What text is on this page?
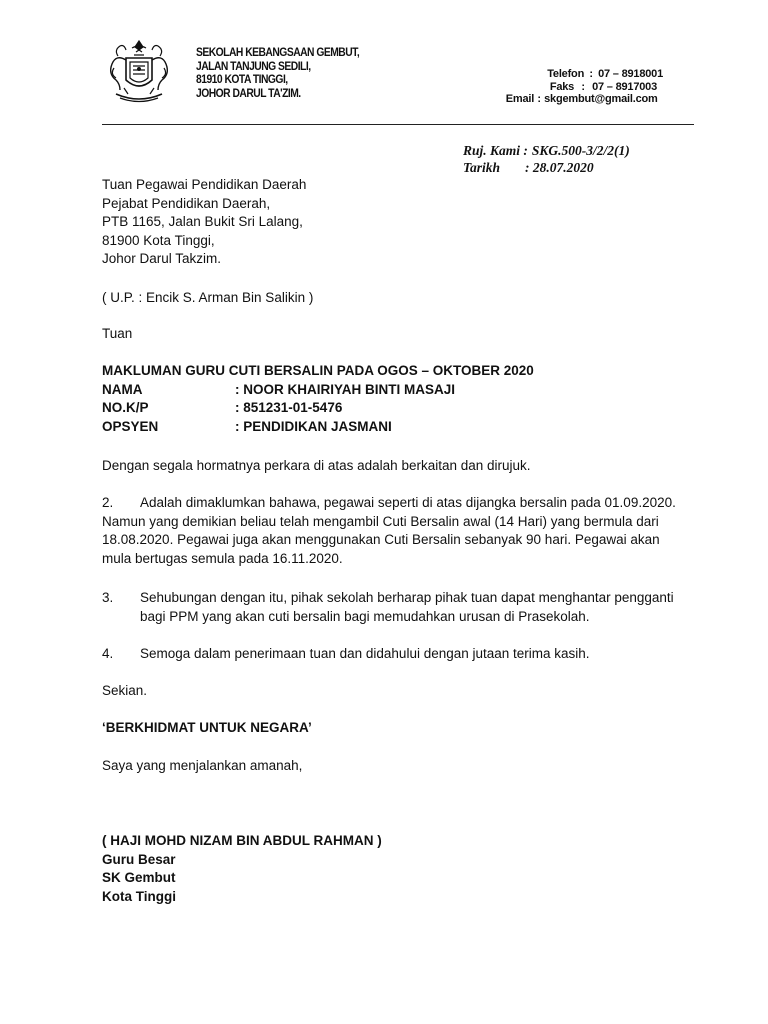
SEKOLAH KEBANGSAAN GEMBUT,
JALAN TANJUNG SEDILI,
81910 KOTA TINGGI,
JOHOR DARUL TA'ZIM.
Telefon : 07 – 8918001
Faks : 07 – 8917003
Email : skgembut@gmail.com
Ruj. Kami : SKG.500-3/2/2(1)
Tarikh	: 28.07.2020
Tuan Pegawai Pendidikan Daerah
Pejabat Pendidikan Daerah,
PTB 1165, Jalan Bukit Sri Lalang,
81900 Kota Tinggi,
Johor Darul Takzim.
( U.P. : Encik S. Arman Bin Salikin )
Tuan
MAKLUMAN GURU CUTI BERSALIN PADA OGOS – OKTOBER 2020
NAMA	: NOOR KHAIRIYAH BINTI MASAJI
NO.K/P	: 851231-01-5476
OPSYEN	: PENDIDIKAN JASMANI
Dengan segala hormatnya perkara di atas adalah berkaitan dan dirujuk.
2. Adalah dimaklumkan bahawa, pegawai seperti di atas dijangka bersalin pada 01.09.2020.
Namun yang demikian beliau telah mengambil Cuti Bersalin awal (14 Hari) yang bermula dari
18.08.2020. Pegawai juga akan menggunakan Cuti Bersalin sebanyak 90 hari. Pegawai akan
mula bertugas semula pada 16.11.2020.
3.	Sehubungan dengan itu, pihak sekolah berharap pihak tuan dapat menghantar pengganti
bagi PPM yang akan cuti bersalin bagi memudahkan urusan di Prasekolah.
4.	Semoga dalam penerimaan tuan dan didahului dengan jutaan terima kasih.
Sekian.
‘BERKHIDMAT UNTUK NEGARA’
Saya yang menjalankan amanah,
( HAJI MOHD NIZAM BIN ABDUL RAHMAN )
Guru Besar
SK Gembut
Kota Tinggi
